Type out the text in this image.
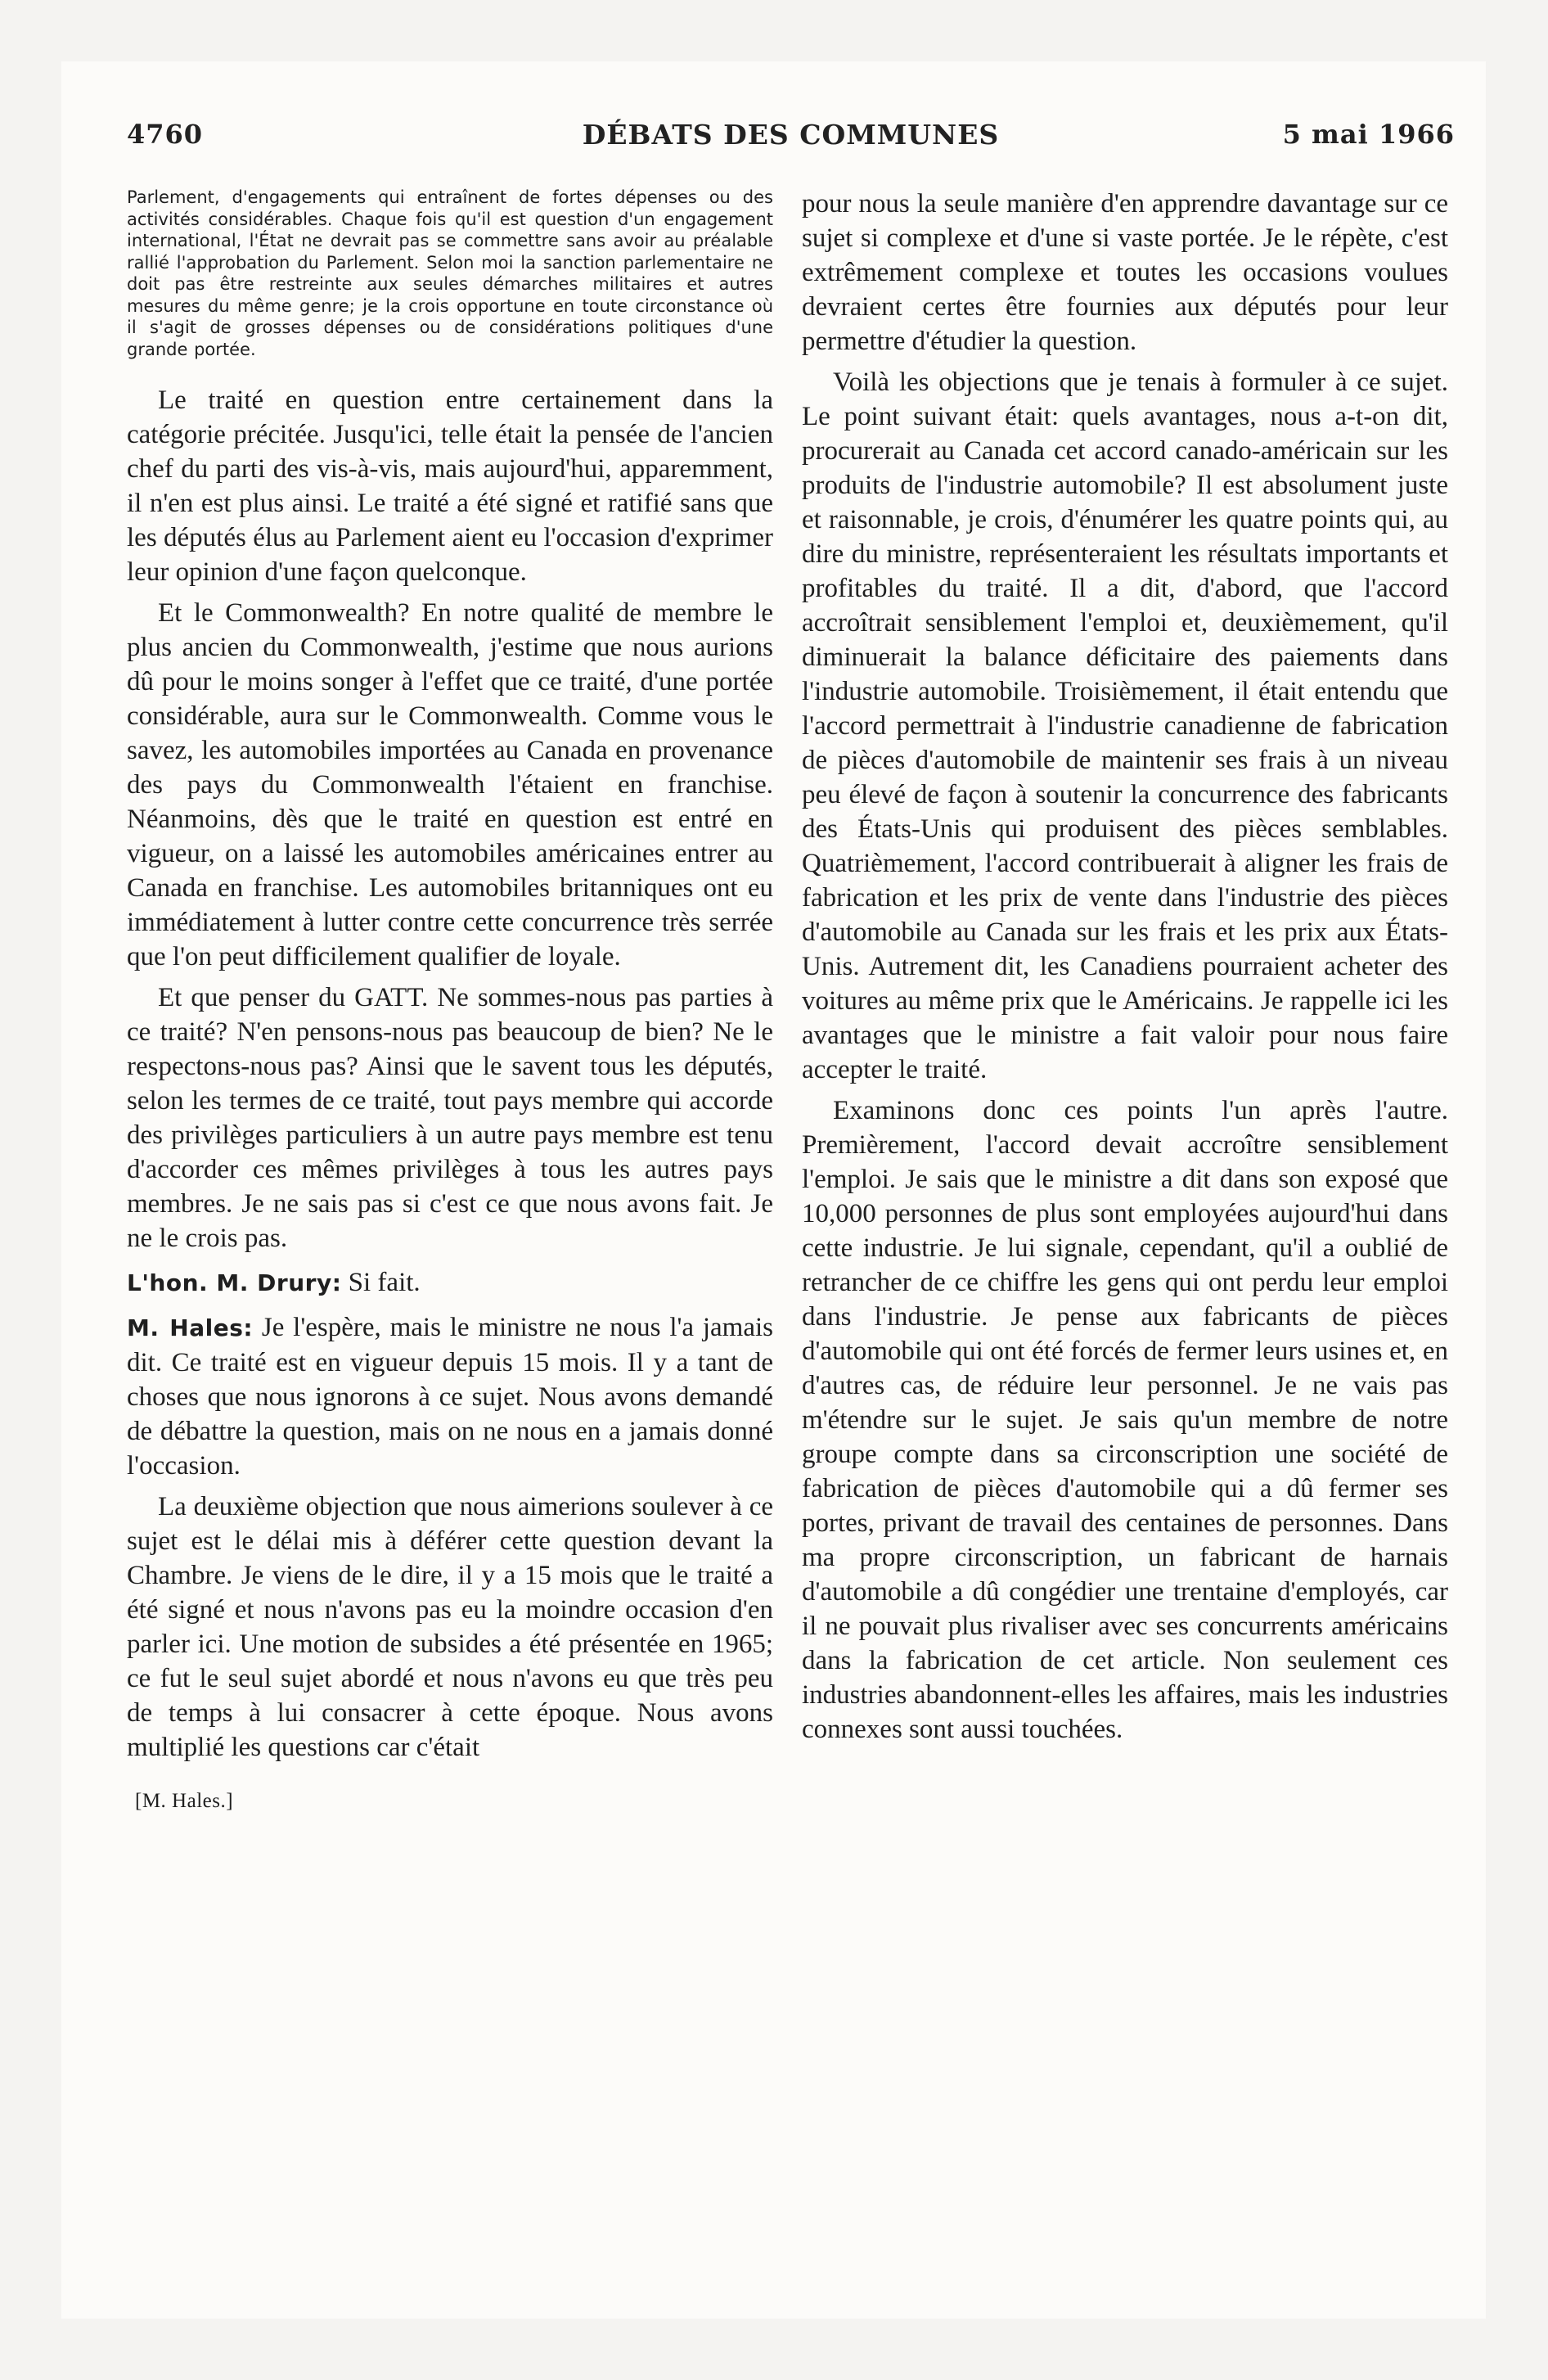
4760	DÉBATS DES COMMUNES	5 mai 1966

Parlement, d'engagements qui entraînent de fortes dépenses ou des activités considérables. Chaque fois qu'il est question d'un engagement international, l'État ne devrait pas se commettre sans avoir au préalable rallié l'approbation du Parlement. Selon moi la sanction parlementaire ne doit pas être restreinte aux seules démarches militaires et autres mesures du même genre; je la crois opportune en toute circonstance où il s'agit de grosses dépenses ou de considérations politiques d'une grande portée.

Le traité en question entre certainement dans la catégorie précitée. Jusqu'ici, telle était la pensée de l'ancien chef du parti des vis-à-vis, mais aujourd'hui, apparemment, il n'en est plus ainsi. Le traité a été signé et ratifié sans que les députés élus au Parlement aient eu l'occasion d'exprimer leur opinion d'une façon quelconque.

Et le Commonwealth? En notre qualité de membre le plus ancien du Commonwealth, j'estime que nous aurions dû pour le moins songer à l'effet que ce traité, d'une portée considérable, aura sur le Commonwealth. Comme vous le savez, les automobiles importées au Canada en provenance des pays du Commonwealth l'étaient en franchise. Néanmoins, dès que le traité en question est entré en vigueur, on a laissé les automobiles américaines entrer au Canada en franchise. Les automobiles britanniques ont eu immédiatement à lutter contre cette concurrence très serrée que l'on peut difficilement qualifier de loyale.

Et que penser du GATT. Ne sommes-nous pas parties à ce traité? N'en pensons-nous pas beaucoup de bien? Ne le respectons-nous pas? Ainsi que le savent tous les députés, selon les termes de ce traité, tout pays membre qui accorde des privilèges particuliers à un autre pays membre est tenu d'accorder ces mêmes privilèges à tous les autres pays membres. Je ne sais pas si c'est ce que nous avons fait. Je ne le crois pas.

L'hon. M. Drury: Si fait.

M. Hales: Je l'espère, mais le ministre ne nous l'a jamais dit. Ce traité est en vigueur depuis 15 mois. Il y a tant de choses que nous ignorons à ce sujet. Nous avons demandé de débattre la question, mais on ne nous en a jamais donné l'occasion.

La deuxième objection que nous aimerions soulever à ce sujet est le délai mis à déférer cette question devant la Chambre. Je viens de le dire, il y a 15 mois que le traité a été signé et nous n'avons pas eu la moindre occasion d'en parler ici. Une motion de subsides a été présentée en 1965; ce fut le seul sujet abordé et nous n'avons eu que très peu de temps à lui consacrer à cette époque. Nous avons multiplié les questions car c'était

[M. Hales.]

pour nous la seule manière d'en apprendre davantage sur ce sujet si complexe et d'une si vaste portée. Je le répète, c'est extrêmement complexe et toutes les occasions voulues devraient certes être fournies aux députés pour leur permettre d'étudier la question.

Voilà les objections que je tenais à formuler à ce sujet. Le point suivant était: quels avantages, nous a-t-on dit, procurerait au Canada cet accord canado-américain sur les produits de l'industrie automobile? Il est absolument juste et raisonnable, je crois, d'énumérer les quatre points qui, au dire du ministre, représenteraient les résultats importants et profitables du traité. Il a dit, d'abord, que l'accord accroîtrait sensiblement l'emploi et, deuxièmement, qu'il diminuerait la balance déficitaire des paiements dans l'industrie automobile. Troisièmement, il était entendu que l'accord permettrait à l'industrie canadienne de fabrication de pièces d'automobile de maintenir ses frais à un niveau peu élevé de façon à soutenir la concurrence des fabricants des États-Unis qui produisent des pièces semblables. Quatrièmement, l'accord contribuerait à aligner les frais de fabrication et les prix de vente dans l'industrie des pièces d'automobile au Canada sur les frais et les prix aux États-Unis. Autrement dit, les Canadiens pourraient acheter des voitures au même prix que le Américains. Je rappelle ici les avantages que le ministre a fait valoir pour nous faire accepter le traité.

Examinons donc ces points l'un après l'autre. Premièrement, l'accord devait accroître sensiblement l'emploi. Je sais que le ministre a dit dans son exposé que 10,000 personnes de plus sont employées aujourd'hui dans cette industrie. Je lui signale, cependant, qu'il a oublié de retrancher de ce chiffre les gens qui ont perdu leur emploi dans l'industrie. Je pense aux fabricants de pièces d'automobile qui ont été forcés de fermer leurs usines et, en d'autres cas, de réduire leur personnel. Je ne vais pas m'étendre sur le sujet. Je sais qu'un membre de notre groupe compte dans sa circonscription une société de fabrication de pièces d'automobile qui a dû fermer ses portes, privant de travail des centaines de personnes. Dans ma propre circonscription, un fabricant de harnais d'automobile a dû congédier une trentaine d'employés, car il ne pouvait plus rivaliser avec ses concurrents américains dans la fabrication de cet article. Non seulement ces industries abandonnent-elles les affaires, mais les industries connexes sont aussi touchées.
